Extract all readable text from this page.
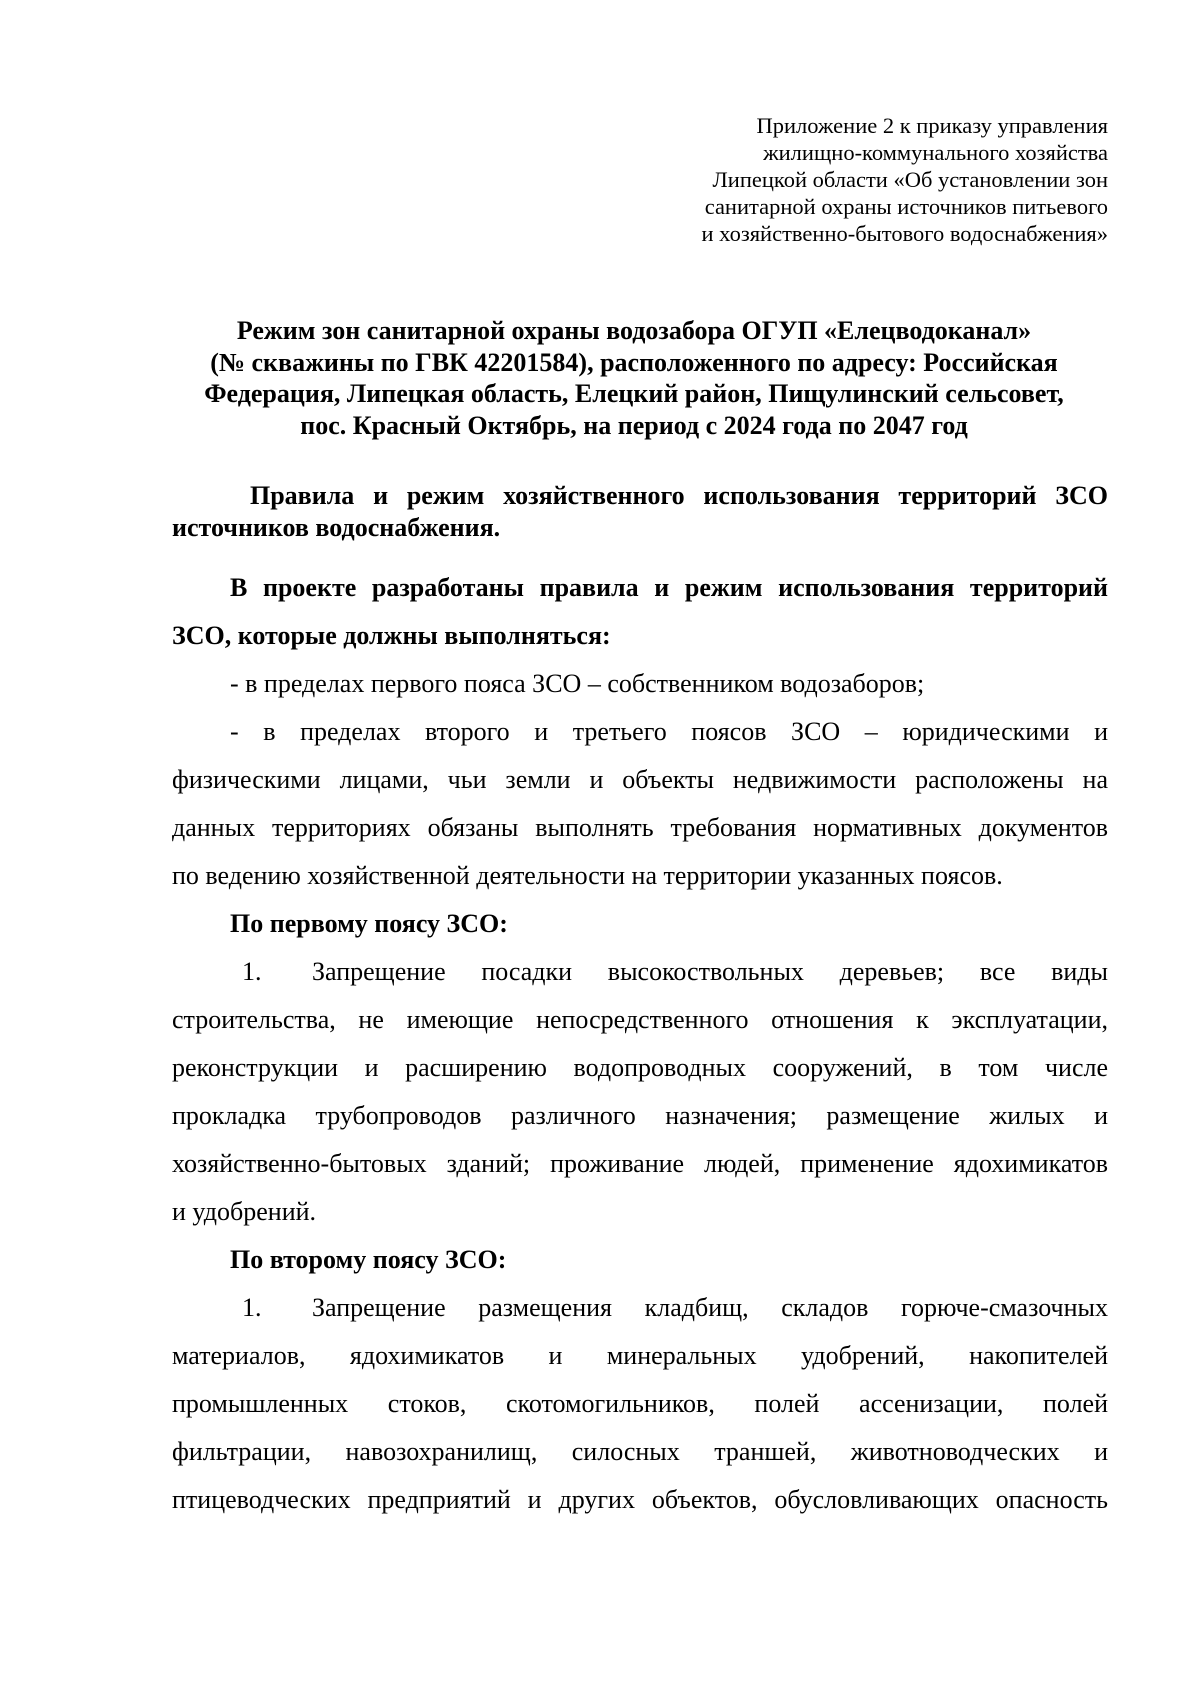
Приложение 2 к приказу управления
жилищно-коммунального хозяйства
Липецкой области «Об установлении зон
санитарной охраны источников питьевого
и хозяйственно-бытового водоснабжения»
Режим зон санитарной охраны водозабора ОГУП «Елецводоканал»
(№ скважины по ГВК 42201584), расположенного по адресу: Российская
Федерация, Липецкая область, Елецкий район, Пищулинский сельсовет,
пос. Красный Октябрь, на период с 2024 года по 2047 год
Правила и режим хозяйственного использования территорий ЗСО
источников водоснабжения.
В проекте разработаны правила и режим использования территорий
ЗСО, которые должны выполняться:
- в пределах первого пояса ЗСО – собственником водозаборов;
- в пределах второго и третьего поясов ЗСО – юридическими и
физическими лицами, чьи земли и объекты недвижимости расположены на
данных территориях обязаны выполнять требования нормативных документов
по ведению хозяйственной деятельности на территории указанных поясов.
По первому поясу ЗСО:
1.	Запрещение посадки высокоствольных деревьев; все виды
строительства, не имеющие непосредственного отношения к эксплуатации,
реконструкции и расширению водопроводных сооружений, в том числе
прокладка трубопроводов различного назначения; размещение жилых и
хозяйственно-бытовых зданий; проживание людей, применение ядохимикатов
и удобрений.
По второму поясу ЗСО:
1.	Запрещение размещения кладбищ, складов горюче-смазочных
материалов, ядохимикатов и минеральных удобрений, накопителей
промышленных стоков, скотомогильников, полей ассенизации, полей
фильтрации, навозохранилищ, силосных траншей, животноводческих и
птицеводческих предприятий и других объектов, обусловливающих опасность
